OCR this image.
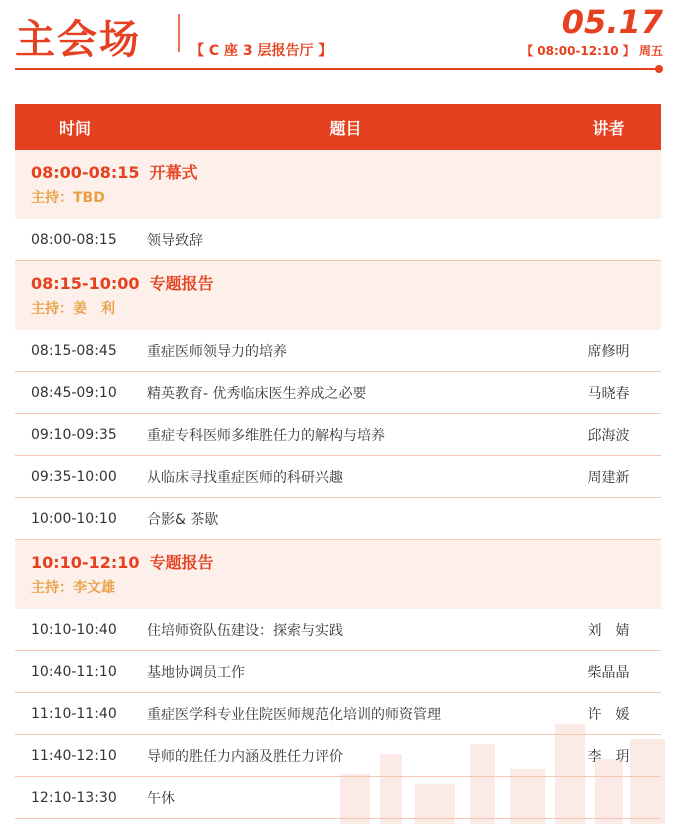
主会场	【 C 座 3 层报告厅 】
05.17
【 08:00-12:10 】 周五
时间	题目	讲者
08:00-08:15 开幕式
主持：TBD
08:00-08:15	领导致辞
08:15-10:00 专题报告
主持：姜　利
08:15-08:45	重症医师领导力的培养	席修明
08:45-09:10	精英教育- 优秀临床医生养成之必要	马晓春
09:10-09:35	重症专科医师多维胜任力的解构与培养	邱海波
09:35-10:00	从临床寻找重症医师的科研兴趣	周建新
10:00-10:10	合影& 茶歇
10:10-12:10 专题报告
主持：李文雄
10:10-10:40	住培师资队伍建设：探索与实践	刘　婧
10:40-11:10	基地协调员工作	柴晶晶
11:10-11:40	重症医学科专业住院医师规范化培训的师资管理	许　媛
11:40-12:10	导师的胜任力内涵及胜任力评价	李　玥
12:10-13:30	午休
